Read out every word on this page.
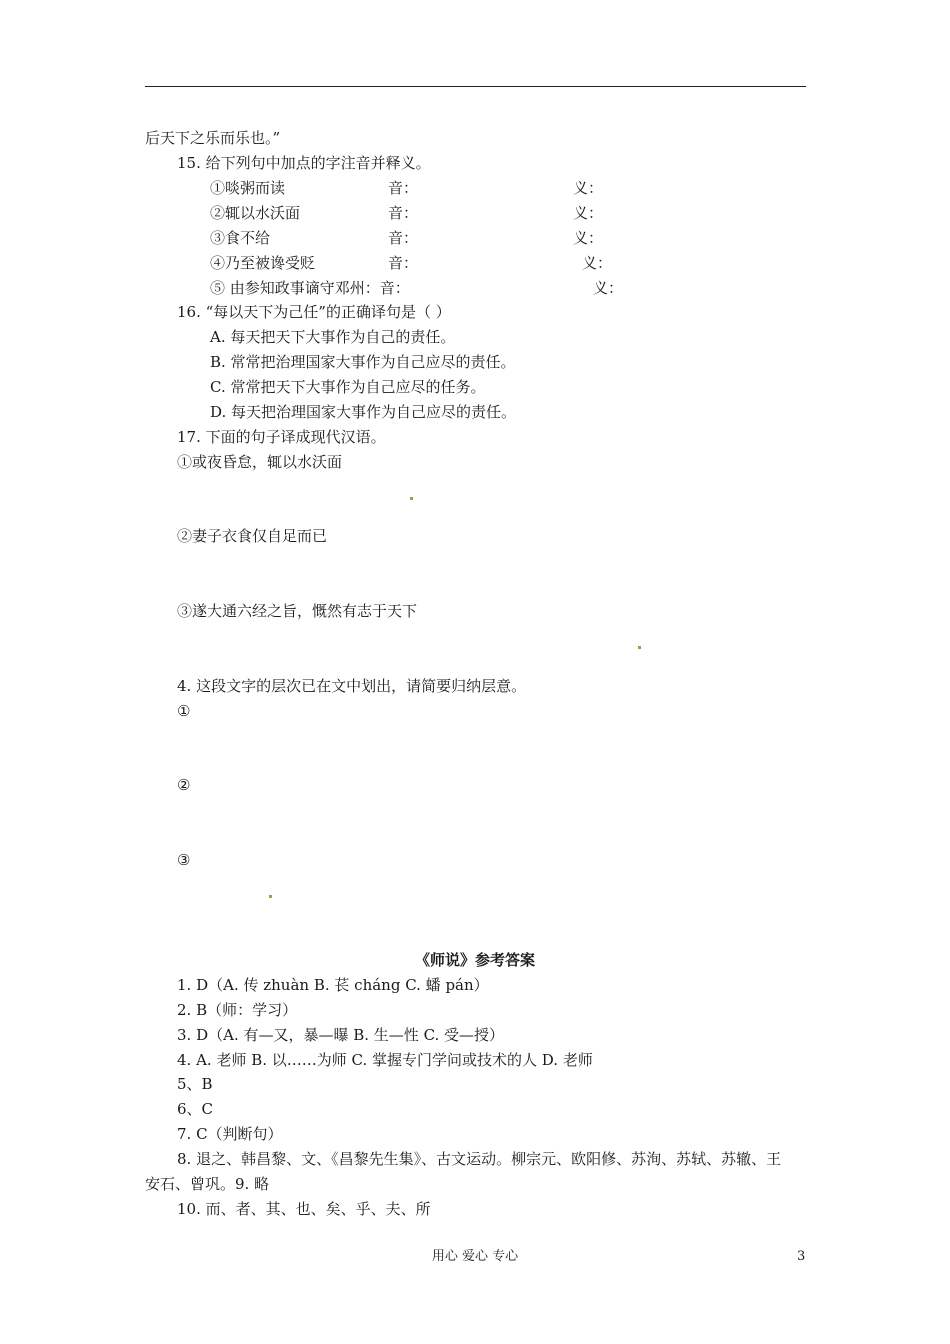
后天下之乐而乐也。”
15. 给下列句中加点的字注音并释义。
①啖粥而读	音：	义：
②辄以水沃面	音：	义：
③食不给	音：	义：
④乃至被谗受贬	音：	义：
⑤ 由参知政事谪守邓州：音：	义：
16. “每以天下为己任”的正确译句是（ ）
A. 每天把天下大事作为自己的责任。
B. 常常把治理国家大事作为自己应尽的责任。
C. 常常把天下大事作为自己应尽的任务。
D. 每天把治理国家大事作为自己应尽的责任。
17. 下面的句子译成现代汉语。
①或夜昏怠，辄以水沃面
②妻子衣食仅自足而已
③遂大通六经之旨，慨然有志于天下
4. 这段文字的层次已在文中划出，请简要归纳层意。
①
②
③
《师说》参考答案
1. D（A. 传 zhuàn B. 苌 cháng C. 蟠 pán）
2. B（师：学习）
3. D（A. 有—又，暴—曝 B. 生—性 C. 受—授）
4. A. 老师 B. 以……为师 C. 掌握专门学问或技术的人 D. 老师
5、B
6、C
7. C（判断句）
8. 退之、韩昌黎、文、《昌黎先生集》、古文运动。柳宗元、欧阳修、苏洵、苏轼、苏辙、王
安石、曾巩。9. 略
10. 而、者、其、也、矣、乎、夫、所
用心 爱心 专心	3
